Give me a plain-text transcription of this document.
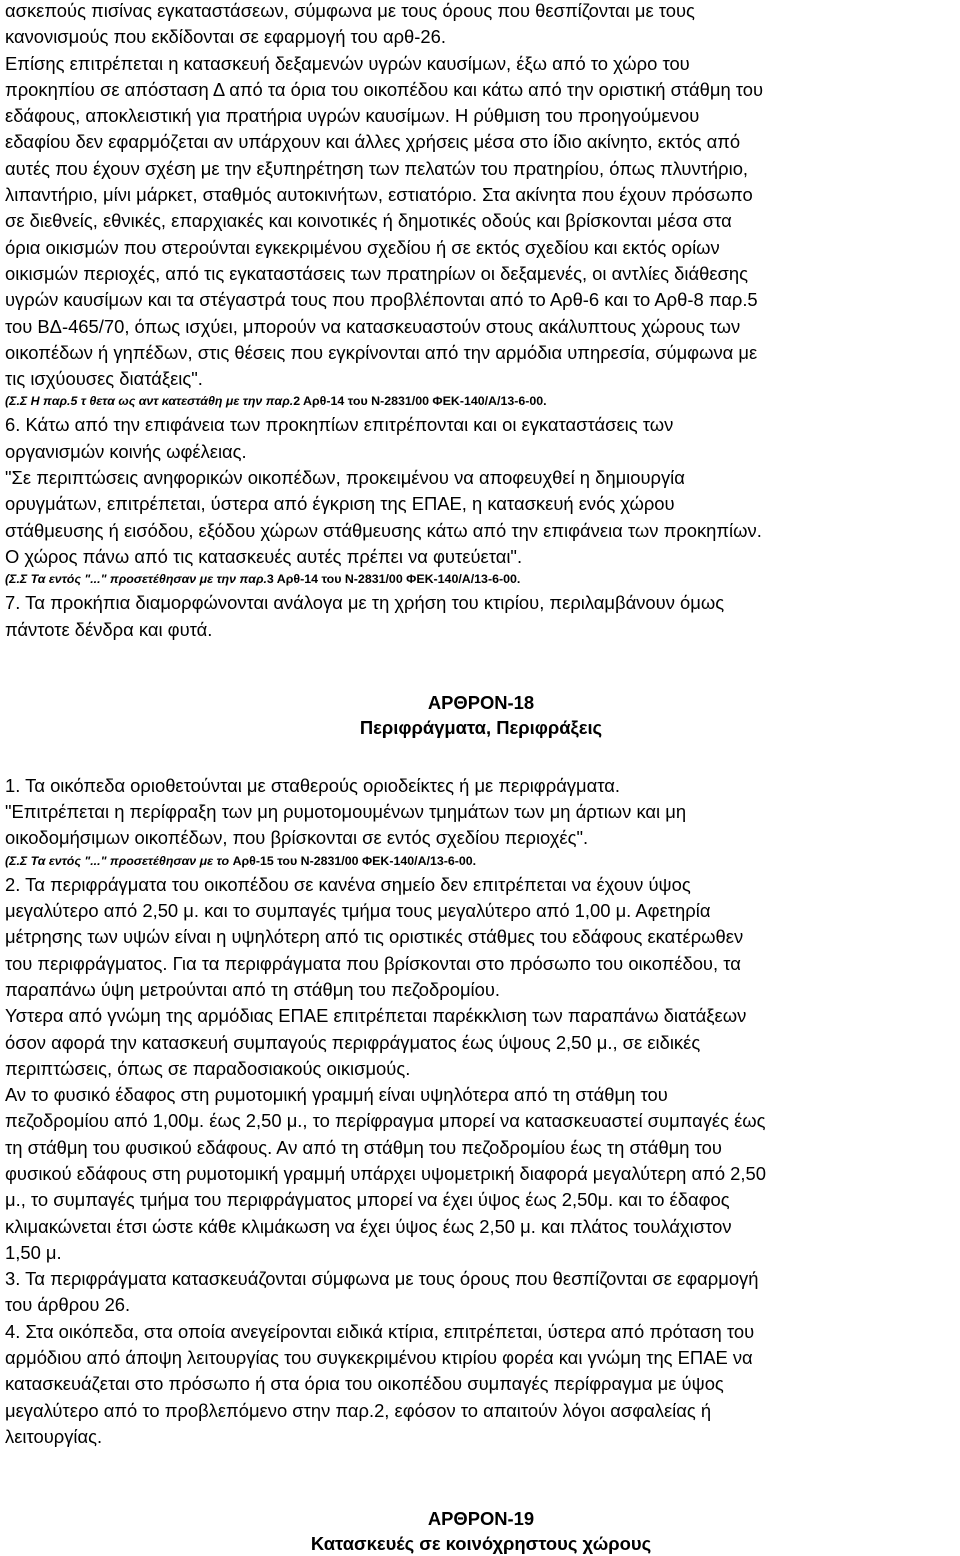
ασκεπούς πισίνας εγκαταστάσεων, σύμφωνα με τους όρους που θεσπίζονται με τους
κανονισμούς που εκδίδονται σε εφαρμογή του αρθ-26.
Επίσης επιτρέπεται η κατασκευή δεξαμενών υγρών καυσίμων, έξω από το χώρο του
προκηπίου σε απόσταση Δ από τα όρια του οικοπέδου και κάτω από την οριστική στάθμη του
εδάφους, αποκλειστική για πρατήρια υγρών καυσίμων. Η ρύθμιση του προηγούμενου
εδαφίου δεν εφαρμόζεται αν υπάρχουν και άλλες χρήσεις μέσα στο ίδιο ακίνητο, εκτός από
αυτές που έχουν σχέση με την εξυπηρέτηση των πελατών του πρατηρίου, όπως πλυντήριο,
λιπαντήριο, μίνι μάρκετ, σταθμός αυτοκινήτων, εστιατόριο. Στα ακίνητα που έχουν πρόσωπο
σε διεθνείς, εθνικές, επαρχιακές και κοινοτικές ή δημοτικές οδούς και βρίσκονται μέσα στα
όρια οικισμών που στερούνται εγκεκριμένου σχεδίου ή σε εκτός σχεδίου και εκτός ορίων
οικισμών περιοχές, από τις εγκαταστάσεις των πρατηρίων οι δεξαμενές, οι αντλίες διάθεσης
υγρών καυσίμων και τα στέγαστρά τους που προβλέπονται από το Αρθ-6 και το Αρθ-8 παρ.5
του ΒΔ-465/70, όπως ισχύει, μπορούν να κατασκευαστούν στους ακάλυπτους χώρους των
οικοπέδων ή γηπέδων, στις θέσεις που εγκρίνονται από την αρμόδια υπηρεσία, σύμφωνα με
τις ισχύουσες διατάξεις".
(Σ.Σ Η παρ.5 τ θετα ως αντ κατεστάθη με την παρ.2 Αρθ-14 του Ν-2831/00 ΦΕΚ-140/Α/13-6-00.
6. Κάτω από την επιφάνεια των προκηπίων επιτρέπονται και οι εγκαταστάσεις των
οργανισμών κοινής ωφέλειας.
"Σε περιπτώσεις ανηφορικών οικοπέδων, προκειμένου να αποφευχθεί η δημιουργία
ορυγμάτων, επιτρέπεται, ύστερα από έγκριση της ΕΠΑΕ, η κατασκευή ενός χώρου
στάθμευσης ή εισόδου, εξόδου χώρων στάθμευσης κάτω από την επιφάνεια των προκηπίων.
Ο χώρος πάνω από τις κατασκευές αυτές πρέπει να φυτεύεται".
(Σ.Σ Τα εντός "..." προσετέθησαν με την παρ.3 Αρθ-14 του Ν-2831/00 ΦΕΚ-140/Α/13-6-00.
7. Τα προκήπια διαμορφώνονται ανάλογα με τη χρήση του κτιρίου, περιλαμβάνουν όμως
πάντοτε δένδρα και φυτά.
ΑΡΘΡΟΝ-18
Περιφράγματα, Περιφράξεις
1. Τα οικόπεδα οριοθετούνται με σταθερούς οριοδείκτες ή με περιφράγματα.
"Επιτρέπεται η περίφραξη των μη ρυμοτομουμένων τμημάτων των μη άρτιων και μη
οικοδομήσιμων οικοπέδων, που βρίσκονται σε εντός σχεδίου περιοχές".
(Σ.Σ Τα εντός "..." προσετέθησαν με το Αρθ-15 του Ν-2831/00 ΦΕΚ-140/Α/13-6-00.
2. Τα περιφράγματα του οικοπέδου σε κανένα σημείο δεν επιτρέπεται να έχουν ύψος
μεγαλύτερο από 2,50 μ. και το συμπαγές τμήμα τους μεγαλύτερο από 1,00 μ. Αφετηρία
μέτρησης των υψών είναι η υψηλότερη από τις οριστικές στάθμες του εδάφους εκατέρωθεν
του περιφράγματος. Για τα περιφράγματα που βρίσκονται στο πρόσωπο του οικοπέδου, τα
παραπάνω ύψη μετρούνται από τη στάθμη του πεζοδρομίου.
Υστερα από γνώμη της αρμόδιας ΕΠΑΕ επιτρέπεται παρέκκλιση των παραπάνω διατάξεων
όσον αφορά την κατασκευή συμπαγούς περιφράγματος έως ύψους 2,50 μ., σε ειδικές
περιπτώσεις, όπως σε παραδοσιακούς οικισμούς.
Αν το φυσικό έδαφος στη ρυμοτομική γραμμή είναι υψηλότερα από τη στάθμη του
πεζοδρομίου από 1,00μ. έως 2,50 μ., το περίφραγμα μπορεί να κατασκευαστεί συμπαγές έως
τη στάθμη του φυσικού εδάφους. Αν από τη στάθμη του πεζοδρομίου έως τη στάθμη του
φυσικού εδάφους στη ρυμοτομική γραμμή υπάρχει υψομετρική διαφορά μεγαλύτερη από 2,50
μ., το συμπαγές τμήμα του περιφράγματος μπορεί να έχει ύψος έως 2,50μ. και το έδαφος
κλιμακώνεται έτσι ώστε κάθε κλιμάκωση να έχει ύψος έως 2,50 μ. και πλάτος τουλάχιστον
1,50 μ.
3. Τα περιφράγματα κατασκευάζονται σύμφωνα με τους όρους που θεσπίζονται σε εφαρμογή
του άρθρου 26.
4. Στα οικόπεδα, στα οποία ανεγείρονται ειδικά κτίρια, επιτρέπεται, ύστερα από πρόταση του
αρμόδιου από άποψη λειτουργίας του συγκεκριμένου κτιρίου φορέα και γνώμη της ΕΠΑΕ να
κατασκευάζεται στο πρόσωπο ή στα όρια του οικοπέδου συμπαγές περίφραγμα με ύψος
μεγαλύτερο από το προβλεπόμενο στην παρ.2, εφόσον το απαιτούν λόγοι ασφαλείας ή
λειτουργίας.
ΑΡΘΡΟΝ-19
Κατασκευές σε κοινόχρηστους χώρους
